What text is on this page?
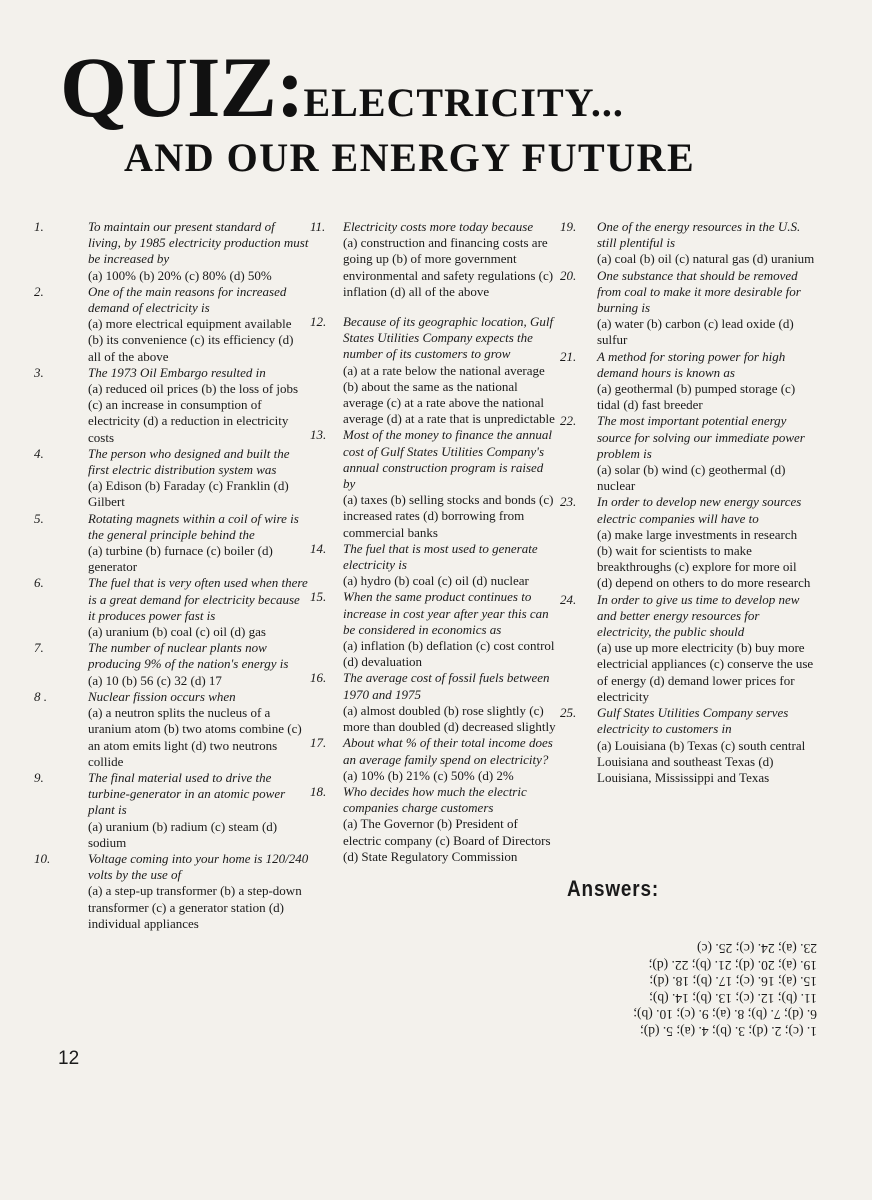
QUIZ:ELECTRICITY...
AND OUR ENERGY FUTURE
1.	To maintain our present standard of living, by 1985 electricity production must be increased by
(a) 100% (b) 20% (c) 80% (d) 50%
2.	One of the main reasons for increased demand of electricity is
(a) more electrical equipment available (b) its convenience (c) its efficiency (d) all of the above
3.	The 1973 Oil Embargo resulted in
(a) reduced oil prices (b) the loss of jobs (c) an increase in consumption of electricity (d) a reduction in electricity costs
4.	The person who designed and built the first electric distribution system was
(a) Edison (b) Faraday (c) Franklin (d) Gilbert
5.	Rotating magnets within a coil of wire is the general principle behind the
(a) turbine (b) furnace (c) boiler (d) generator
6.	The fuel that is very often used when there is a great demand for electricity because it produces power fast is
(a) uranium (b) coal (c) oil (d) gas
7.	The number of nuclear plants now producing 9% of the nation's energy is
(a) 10 (b) 56 (c) 32 (d) 17
8 .	Nuclear fission occurs when
(a) a neutron splits the nucleus of a uranium atom (b) two atoms combine (c) an atom emits light (d) two neutrons collide
9.	The final material used to drive the turbine-generator in an atomic power plant is
(a) uranium (b) radium (c) steam (d) sodium
10.	Voltage coming into your home is 120/240 volts by the use of
(a) a step-up transformer (b) a step-down transformer (c) a generator station (d) individual appliances
11. Electricity costs more today because
(a) construction and financing costs are going up (b) of more government environmental and safety regulations (c) inflation (d) all of the above
12. Because of its geographic location, Gulf States Utilities Company expects the number of its customers to grow
(a) at a rate below the national average (b) about the same as the national average (c) at a rate above the national average (d) at a rate that is unpredictable
13. Most of the money to finance the annual cost of Gulf States Utilities Company's annual construction program is raised by
(a) taxes (b) selling stocks and bonds (c) increased rates (d) borrowing from commercial banks
14. The fuel that is most used to generate electricity is
(a) hydro (b) coal (c) oil (d) nuclear
15. When the same product continues to increase in cost year after year this can be considered in economics as
(a) inflation (b) deflation (c) cost control (d) devaluation
16. The average cost of fossil fuels between 1970 and 1975
(a) almost doubled (b) rose slightly (c) more than doubled (d) decreased slightly
17. About what % of their total income does an average family spend on electricity?
(a) 10% (b) 21% (c) 50% (d) 2%
18. Who decides how much the electric companies charge customers
(a) The Governor (b) President of electric company (c) Board of Directors (d) State Regulatory Commission
19. One of the energy resources in the U.S. still plentiful is
(a) coal (b) oil (c) natural gas (d) uranium
20. One substance that should be removed from coal to make it more desirable for burning is
(a) water (b) carbon (c) lead oxide (d) sulfur
21. A method for storing power for high demand hours is known as
(a) geothermal (b) pumped storage (c) tidal (d) fast breeder
22. The most important potential energy source for solving our immediate power problem is
(a) solar (b) wind (c) geothermal (d) nuclear
23. In order to develop new energy sources electric companies will have to
(a) make large investments in research (b) wait for scientists to make breakthroughs (c) explore for more oil (d) depend on others to do more research
24. In order to give us time to develop new and better energy resources for electricity, the public should
(a) use up more electricity (b) buy more electricial appliances (c) conserve the use of energy (d) demand lower prices for electricity
25. Gulf States Utilities Company serves electricity to customers in
(a) Louisiana (b) Texas (c) south central Louisiana and southeast Texas (d) Louisiana, Mississippi and Texas
Answers:
1. (c); 2. (d); 3. (b); 4. (a); 5. (d);
6. (d); 7. (b); 8. (a); 9. (c); 10. (b);
11. (b); 12. (c); 13. (b); 14. (b);
15. (a); 16. (c); 17. (b); 18. (d);
19. (a); 20. (d); 21. (b); 22. (d);
23. (a); 24. (c); 25. (c)
12
